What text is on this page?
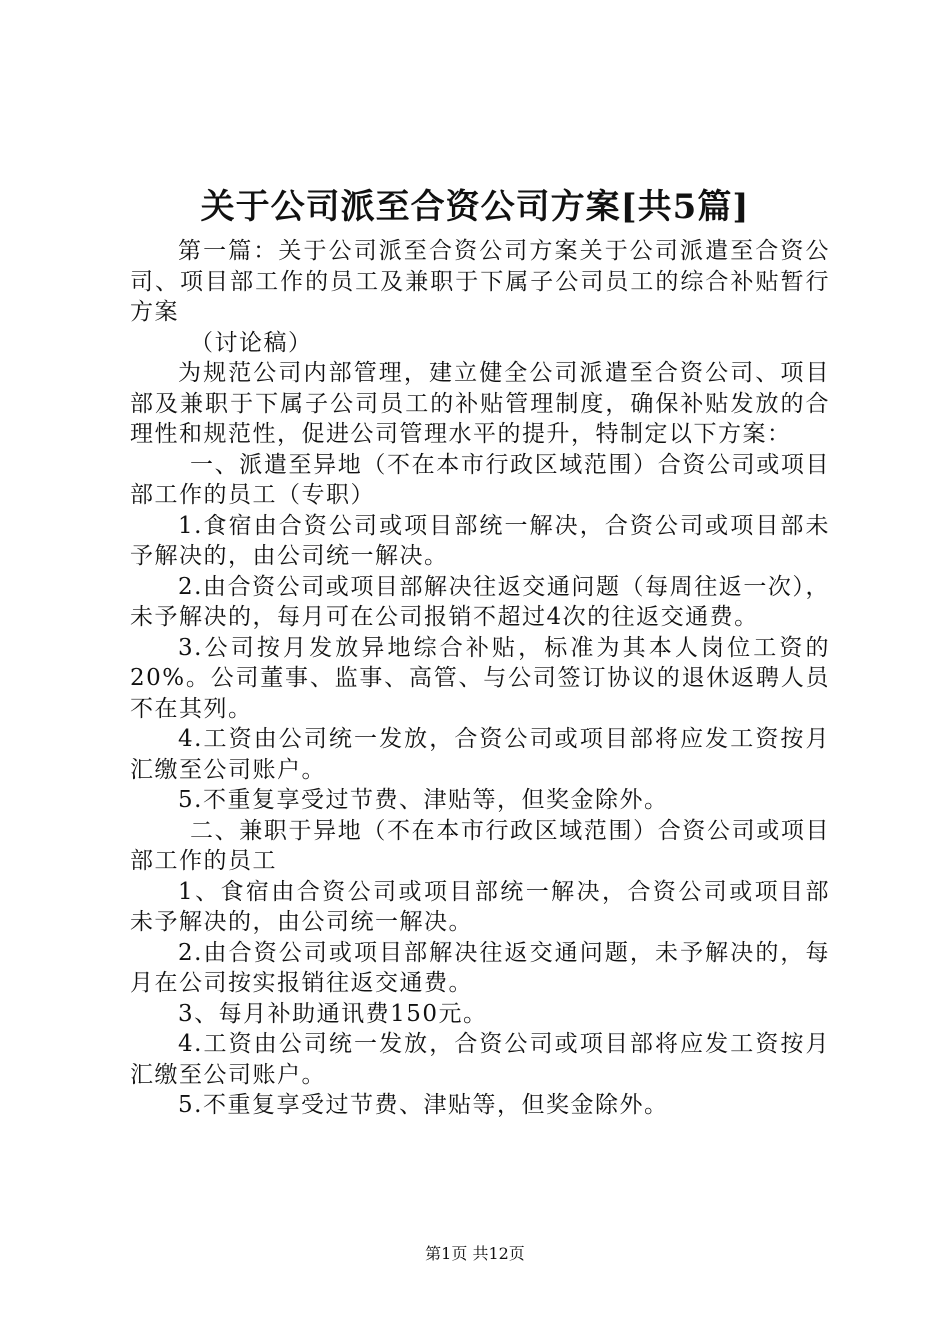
关于公司派至合资公司方案[共5篇]

第一篇：关于公司派至合资公司方案关于公司派遣至合资公司、项目部工作的员工及兼职于下属子公司员工的综合补贴暂行方案

（讨论稿）

为规范公司内部管理，建立健全公司派遣至合资公司、项目部及兼职于下属子公司员工的补贴管理制度，确保补贴发放的合理性和规范性，促进公司管理水平的提升，特制定以下方案：

一、派遣至异地（不在本市行政区域范围）合资公司或项目部工作的员工（专职）

1.食宿由合资公司或项目部统一解决，合资公司或项目部未予解决的，由公司统一解决。

2.由合资公司或项目部解决往返交通问题（每周往返一次），未予解决的，每月可在公司报销不超过4次的往返交通费。

3.公司按月发放异地综合补贴，标准为其本人岗位工资的20%。公司董事、监事、高管、与公司签订协议的退休返聘人员不在其列。

4.工资由公司统一发放，合资公司或项目部将应发工资按月汇缴至公司账户。

5.不重复享受过节费、津贴等，但奖金除外。

二、兼职于异地（不在本市行政区域范围）合资公司或项目部工作的员工

1、食宿由合资公司或项目部统一解决，合资公司或项目部未予解决的，由公司统一解决。

2.由合资公司或项目部解决往返交通问题，未予解决的，每月在公司按实报销往返交通费。

3、每月补助通讯费150元。

4.工资由公司统一发放，合资公司或项目部将应发工资按月汇缴至公司账户。

5.不重复享受过节费、津贴等，但奖金除外。

第1页 共12页
